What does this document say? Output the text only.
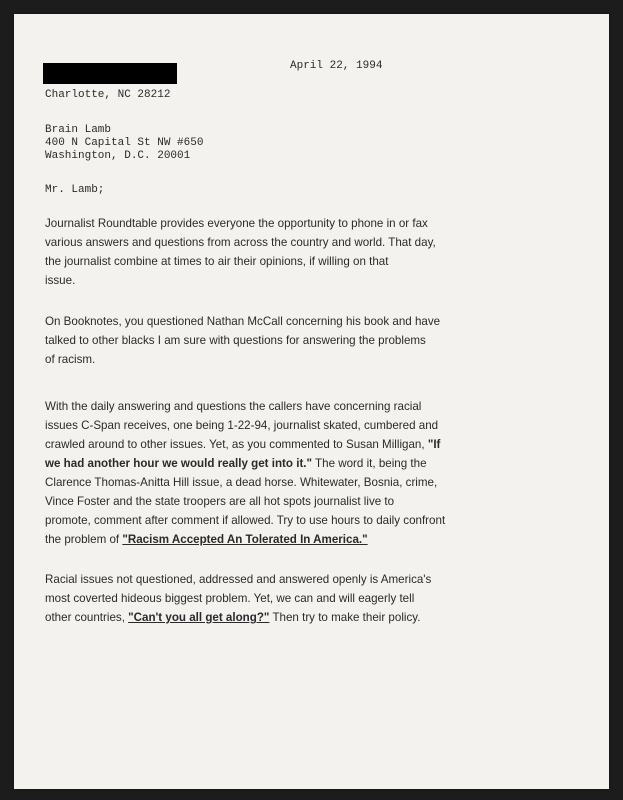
April 22, 1994
Charlotte, NC 28212
Brain Lamb
400 N Capital St NW #650
Washington, D.C. 20001
Mr. Lamb;
Journalist Roundtable provides everyone the opportunity to phone in or fax
various answers and questions from across the country and world. That day,
the journalist combine at times to air their opinions, if willing on that
issue.
On Booknotes, you questioned Nathan McCall concerning his book and have
talked to other blacks I am sure with questions for answering the problems
of racism.
With the daily answering and questions the callers have concerning racial
issues C-Span receives, one being 1-22-94, journalist skated, cumbered and
crawled around to other issues. Yet, as you commented to Susan Milligan, "If
we had another hour we would really get into it." The word it, being the
Clarence Thomas-Anitta Hill issue, a dead horse. Whitewater, Bosnia, crime,
Vince Foster and the state troopers are all hot spots journalist live to
promote, comment after comment if allowed. Try to use hours to daily confront
the problem of "Racism Accepted An Tolerated In America."
Racial issues not questioned, addressed and answered openly is America's
most coverted hideous biggest problem. Yet, we can and will eagerly tell
other countries, "Can't you all get along?" Then try to make their policy.
